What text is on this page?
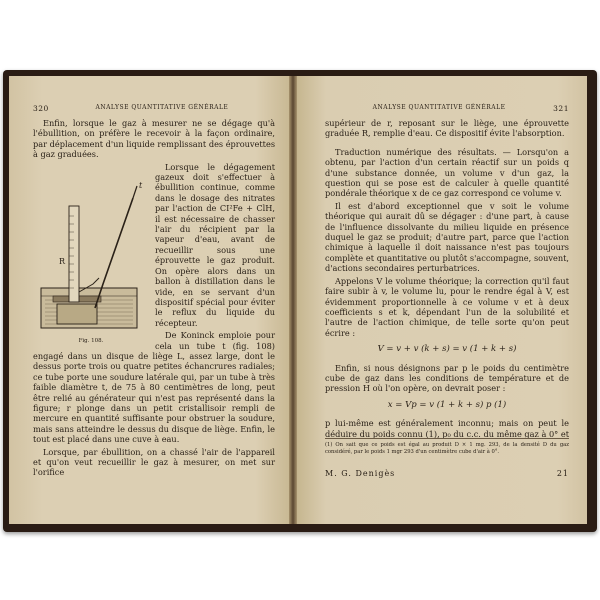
320	ANALYSE QUANTITATIVE GÉNÉRALE

Enfin, lorsque le gaz à mesurer ne se dégage qu'à l'ébullition, on préfère le recevoir à la façon ordinaire, par déplacement d'un liquide remplissant des éprouvettes à gaz graduées.

t
R
Fig. 108.

Lorsque le dégagement gazeux doit s'effectuer à ébullition continue, comme dans le dosage des nitrates par l'action de CI²Fe + ClH, il est nécessaire de chasser l'air du récipient par la vapeur d'eau, avant de recueillir sous une éprouvette le gaz produit. On opère alors dans un ballon à distillation dans le vide, en se servant d'un dispositif spécial pour éviter le reflux du liquide du récepteur.

De Koninck emploie pour cela un tube t (fig. 108) engagé dans un disque de liège L, assez large, dont le dessus porte trois ou quatre petites échancrures radiales; ce tube porte une soudure latérale qui, par un tube à très faible diamètre t, de 75 à 80 centimètres de long, peut être relié au générateur qui n'est pas représenté dans la figure; r plonge dans un petit cristallisoir rempli de mercure en quantité suffisante pour obstruer la soudure, mais sans atteindre le dessus du disque de liège. Enfin, le tout est placé dans une cuve à eau.

Lorsque, par ébullition, on a chassé l'air de l'appareil et qu'on veut recueillir le gaz à mesurer, on met sur l'orifice

ANALYSE QUANTITATIVE GÉNÉRALE	321

supérieur de r, reposant sur le liège, une éprouvette graduée R, remplie d'eau. Ce dispositif évite l'absorption.

Traduction numérique des résultats. — Lorsqu'on a obtenu, par l'action d'un certain réactif sur un poids q d'une substance donnée, un volume v d'un gaz, la question qui se pose est de calculer à quelle quantité pondérale théorique x de ce gaz correspond ce volume v.

Il est d'abord exceptionnel que v soit le volume théorique qui aurait dû se dégager : d'une part, à cause de l'influence dissolvante du milieu liquide en présence duquel le gaz se produit; d'autre part, parce que l'action chimique à laquelle il doit naissance n'est pas toujours complète et quantitative ou plutôt s'accompagne, souvent, d'actions secondaires perturbatrices.

Appelons V le volume théorique; la correction qu'il faut faire subir à v, le volume lu, pour le rendre égal à V, est évidemment proportionnelle à ce volume v et à deux coefficients s et k, dépendant l'un de la solubilité et l'autre de l'action chimique, de telle sorte qu'on peut écrire :

V = v + v (k + s) = v (1 + k + s)

Enfin, si nous désignons par p le poids du centimètre cube de gaz dans les conditions de température et de pression H où l'on opère, on devrait poser :

x = Vp = v (1 + k + s) p (1)

p lui-même est généralement inconnu; mais on peut le déduire du poids connu (1), p₀ du c.c. du même gaz à 0° et

(1) On sait que ce poids est égal au produit D × 1 mg. 293, de la densité D du gaz considéré, par le poids 1 mgr 293 d'un centimètre cube d'air à 0°.
M. G. Denigès	21
